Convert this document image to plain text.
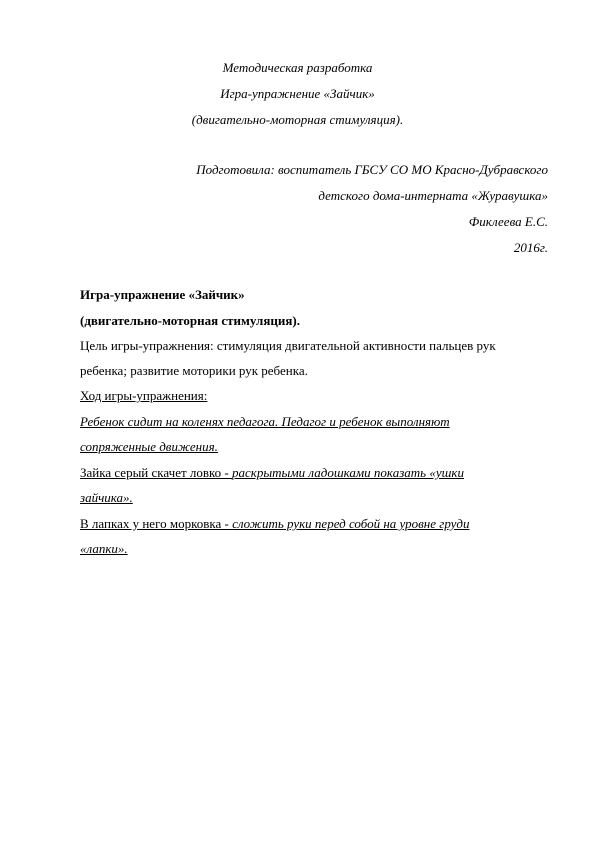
Методическая разработка
Игра-упражнение «Зайчик»
(двигательно-моторная стимуляция).
Подготовила: воспитатель ГБСУ СО МО Красно-Дубравского
детского дома-интерната «Журавушка»
Фиклеева Е.С.
2016г.
Игра-упражнение «Зайчик»
(двигательно-моторная стимуляция).
Цель игры-упражнения: стимуляция двигательной активности пальцев рук
ребенка; развитие моторики рук ребенка.
Ход игры-упражнения:
Ребенок сидит на коленях педагога. Педагог и ребенок выполняют
сопряженные движения.
Зайка серый скачет ловко - раскрытыми ладошками показать «ушки
зайчика».
В лапках у него морковка - сложить руки перед собой на уровне груди
«лапки».
